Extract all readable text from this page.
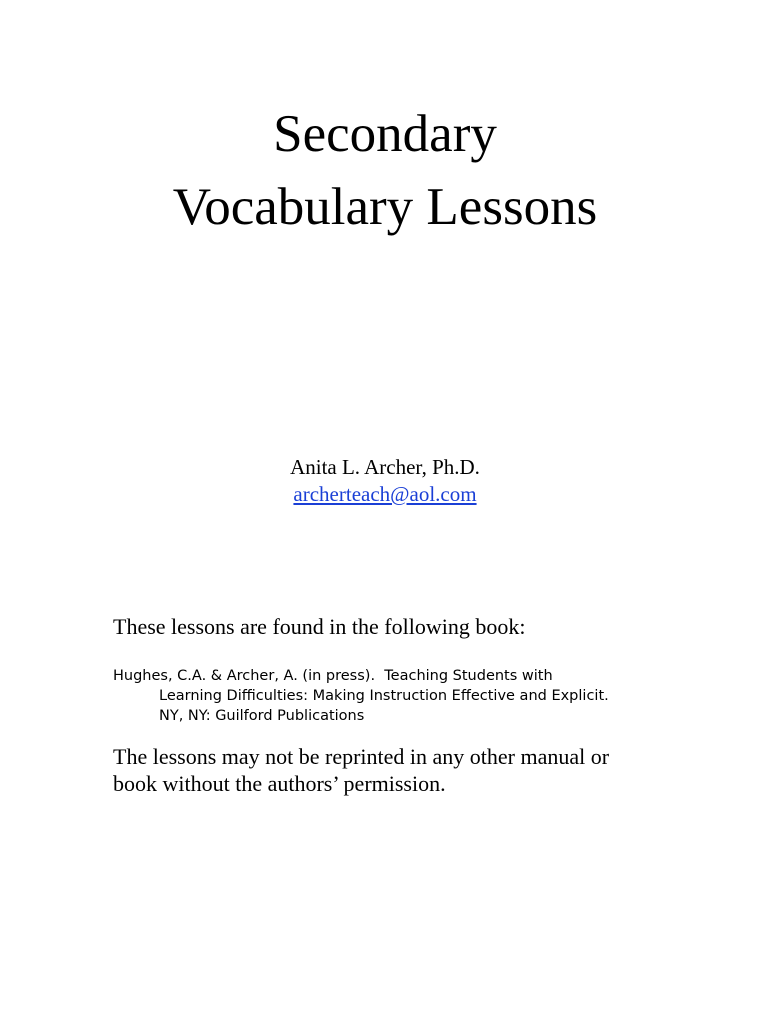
Secondary
Vocabulary Lessons
Anita L. Archer, Ph.D.
archerteach@aol.com
These lessons are found in the following book:
Hughes, C.A. & Archer, A. (in press).  Teaching Students with
Learning Difficulties: Making Instruction Effective and Explicit.
NY, NY: Guilford Publications
The lessons may not be reprinted in any other manual or
book without the authors’ permission.
